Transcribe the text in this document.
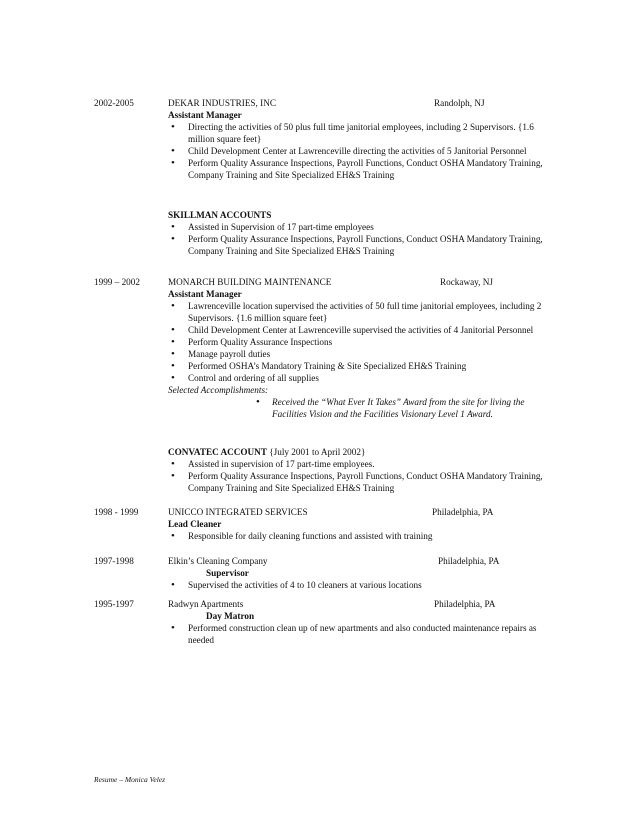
2002-2005	DEKAR INDUSTRIES, INC	Randolph, NJ
Assistant Manager
• Directing the activities of 50 plus full time janitorial employees, including 2 Supervisors. {1.6 million square feet}
• Child Development Center at Lawrenceville directing the activities of 5 Janitorial Personnel
• Perform Quality Assurance Inspections, Payroll Functions, Conduct OSHA Mandatory Training, Company Training and Site Specialized EH&S Training
SKILLMAN ACCOUNTS
• Assisted in Supervision of 17 part-time employees
• Perform Quality Assurance Inspections, Payroll Functions, Conduct OSHA Mandatory Training, Company Training and Site Specialized EH&S Training
1999 – 2002	MONARCH BUILDING MAINTENANCE	Rockaway, NJ
Assistant Manager
• Lawrenceville location supervised the activities of 50 full time janitorial employees, including 2 Supervisors. {1.6 million square feet}
• Child Development Center at Lawrenceville supervised the activities of 4 Janitorial Personnel
• Perform Quality Assurance Inspections
• Manage payroll duties
• Performed OSHA’s Mandatory Training & Site Specialized EH&S Training
• Control and ordering of all supplies
Selected Accomplishments:
• Received the “What Ever It Takes” Award from the site for living the Facilities Vision and the Facilities Visionary Level 1 Award.
CONVATEC ACCOUNT {July 2001 to April 2002}
• Assisted in supervision of 17 part-time employees.
• Perform Quality Assurance Inspections, Payroll Functions, Conduct OSHA Mandatory Training, Company Training and Site Specialized EH&S Training
1998 - 1999	UNICCO INTEGRATED SERVICES	Philadelphia, PA
Lead Cleaner
• Responsible for daily cleaning functions and assisted with training
1997-1998	Elkin’s Cleaning Company	Philadelphia, PA
Supervisor
• Supervised the activities of 4 to 10 cleaners at various locations
1995-1997	Radwyn Apartments	Philadelphia, PA
Day Matron
• Performed construction clean up of new apartments and also conducted maintenance repairs as needed
Resume – Monica Velez
